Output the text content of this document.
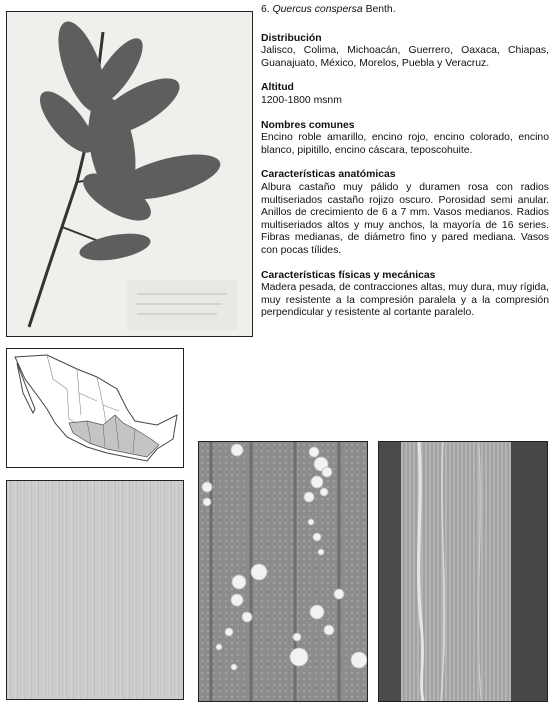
6. Quercus conspersa Benth.

Distribución

Jalisco, Colima, Michoacán, Guerrero, Oaxaca, Chiapas, Guanajuato, México, Morelos, Puebla y Veracruz.

Altitud

1200-1800 msnm

Nombres comunes

Encino roble amarillo, encino rojo, encino colorado, encino blanco, pipitillo, encino cáscara, teposcohuite.

Características anatómicas

Albura castaño muy pálido y duramen rosa con radios multiseriados castaño rojizo oscuro. Porosidad semi anular. Anillos de crecimiento de 6 a 7 mm. Vasos medianos. Radios multiseriados altos y muy anchos, la mayoría de 16 series. Fibras medianas, de diámetro fino y pared mediana. Vasos con pocas tílides.

Características físicas y mecánicas

Madera pesada, de contracciones altas, muy dura, muy rígida, muy resistente a la compresión paralela y a la compresión perpendicular y resistente al cortante paralelo.
